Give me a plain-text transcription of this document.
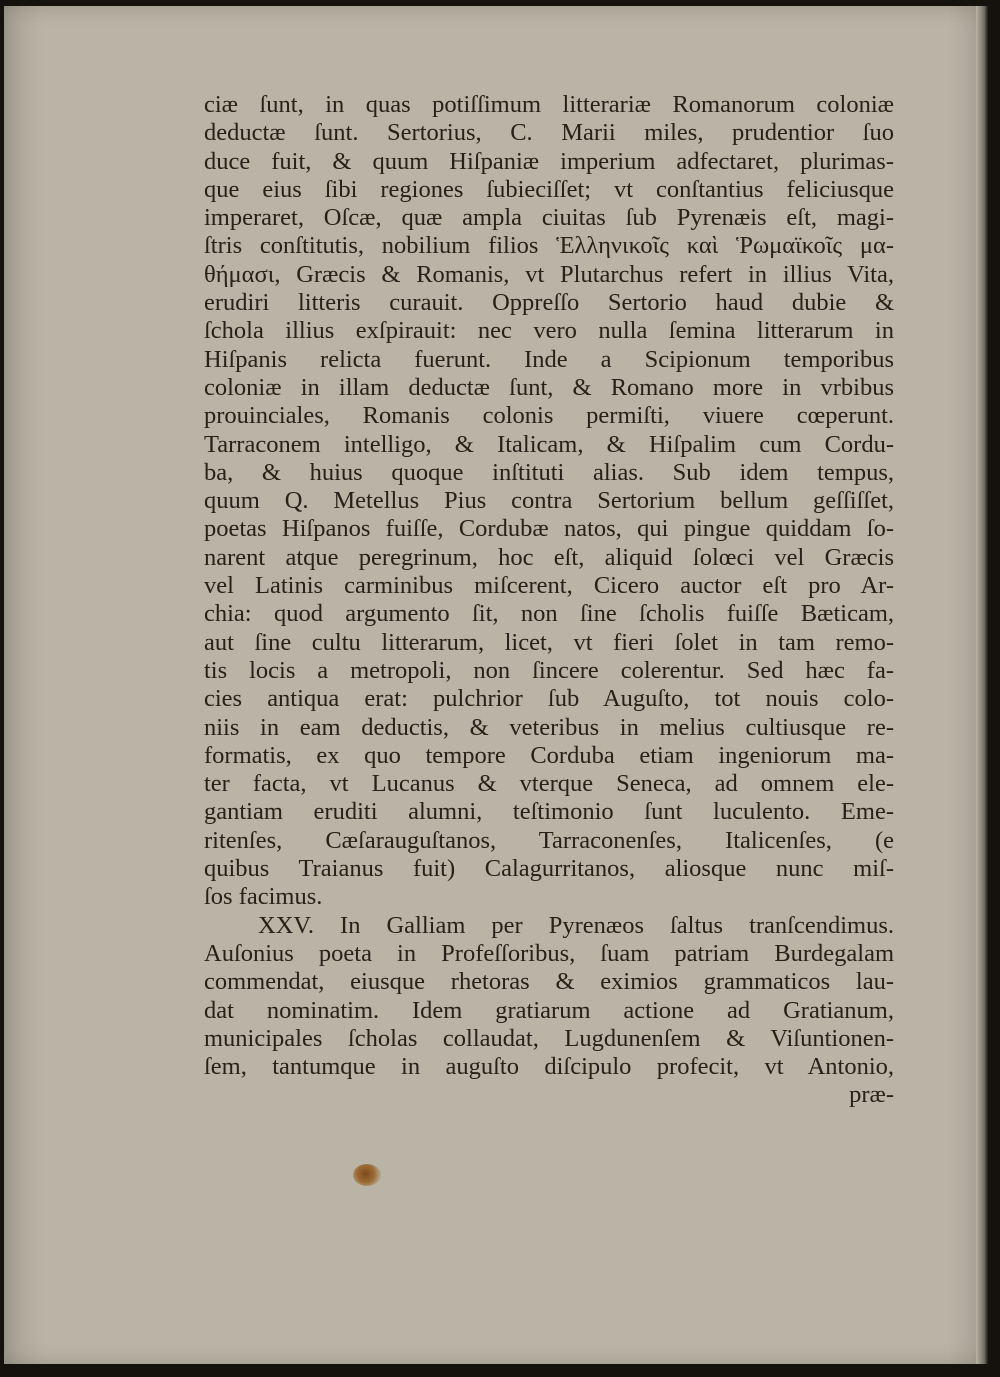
ciæ ſunt, in quas potiſſimum litterariæ Romanorum coloniæ
deductæ ſunt. Sertorius, C. Marii miles, prudentior ſuo
duce fuit, & quum Hiſpaniæ imperium adfectaret, plurimas-
que eius ſibi regiones ſubieciſſet; vt conſtantius feliciusque
imperaret, Oſcæ, quæ ampla ciuitas ſub Pyrenæis eſt, magi-
ſtris conſtitutis, nobilium filios Ἑλληνικοῖς καὶ Ῥωμαϊκοῖς μα-
θήμασι, Græcis & Romanis, vt Plutarchus refert in illius Vita,
erudiri litteris curauit. Oppreſſo Sertorio haud dubie &
ſchola illius exſpirauit: nec vero nulla ſemina litterarum in
Hiſpanis relicta fuerunt. Inde a Scipionum temporibus
coloniæ in illam deductæ ſunt, & Romano more in vrbibus
prouinciales, Romanis colonis permiſti, viuere cœperunt.
Tarraconem intelligo, & Italicam, & Hiſpalim cum Cordu-
ba, & huius quoque inſtituti alias. Sub idem tempus,
quum Q. Metellus Pius contra Sertorium bellum geſſiſſet,
poetas Hiſpanos fuiſſe, Cordubæ natos, qui pingue quiddam ſo-
narent atque peregrinum, hoc eſt, aliquid ſolœci vel Græcis
vel Latinis carminibus miſcerent, Cicero auctor eſt pro Ar-
chia: quod argumento ſit, non ſine ſcholis fuiſſe Bæticam,
aut ſine cultu litterarum, licet, vt fieri ſolet in tam remo-
tis locis a metropoli, non ſincere colerentur. Sed hæc fa-
cies antiqua erat: pulchrior ſub Auguſto, tot nouis colo-
niis in eam deductis, & veteribus in melius cultiusque re-
formatis, ex quo tempore Corduba etiam ingeniorum ma-
ter facta, vt Lucanus & vterque Seneca, ad omnem ele-
gantiam eruditi alumni, teſtimonio ſunt luculento. Eme-
ritenſes, Cæſarauguſtanos, Tarraconenſes, Italicenſes, (e
quibus Traianus fuit) Calagurritanos, aliosque nunc miſ-
ſos facimus.
XXV. In Galliam per Pyrenæos ſaltus tranſcendimus.
Auſonius poeta in Profeſſoribus, ſuam patriam Burdegalam
commendat, eiusque rhetoras & eximios grammaticos lau-
dat nominatim. Idem gratiarum actione ad Gratianum,
municipales ſcholas collaudat, Lugdunenſem & Viſuntionen-
ſem, tantumque in auguſto diſcipulo profecit, vt Antonio,
præ-
